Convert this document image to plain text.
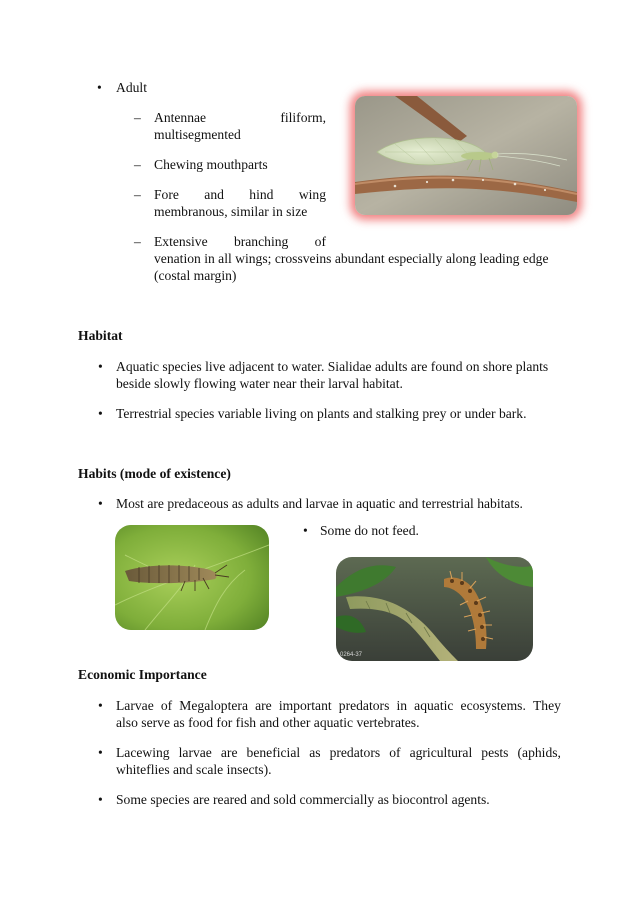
• Adult
– Antennae	filiform,
multisegmented
– Chewing mouthparts
– Fore and hind wing
membranous, similar in size
– Extensive branching of
venation in all wings; crossveins abundant especially along leading edge
(costal margin)
Habitat
• Aquatic species live adjacent to water. Sialidae adults are found on shore plants
beside slowly flowing water near their larval habitat.
• Terrestrial species variable living on plants and stalking prey or under bark.
Habits (mode of existence)
• Most are predaceous as adults and larvae in aquatic and terrestrial habitats.
• Some do not feed.
0264-37
Economic Importance
• Larvae of Megaloptera are important predators in aquatic ecosystems. They
also serve as food for fish and other aquatic vertebrates.
• Lacewing larvae are beneficial as predators of agricultural pests (aphids,
whiteflies and scale insects).
• Some species are reared and sold commercially as biocontrol agents.
